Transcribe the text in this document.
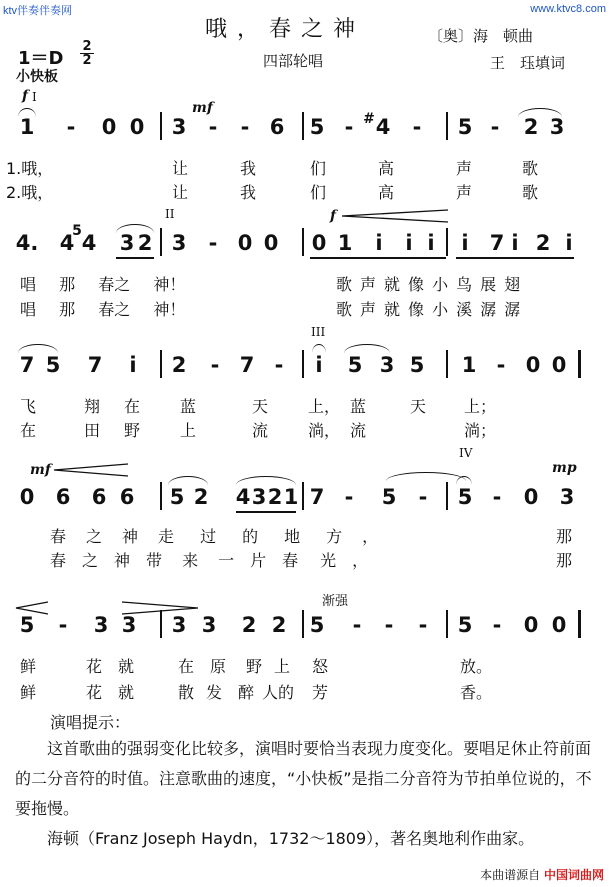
ktv伴奏伴奏网	www.ktvc8.com
哦，春之神	〔奥〕海　顿曲
四部轮唱	王　珏填词
1＝D
2
2
小快板
f I
mf
1	-	0 0 3	-	- 6 5 - # 4	-	5 -	2 3
1.哦，	让	我	们	高	声	歌
2.哦，	让	我	们	高	声	歌
II	f
4. 4
5 4 3 2 3	- 0 0 0 1	i	i i	i	7 i 2 i
唱 那 春之 神！	歌声就像小鸟展翅
唱 那 春之 神！	歌声就像小溪潺潺
III
7 5 7	i	2	- 7 -	i	5 3 5 1 - 0 0
飞	翔 在 蓝	天 上， 蓝	天 上；
在	田 野 上	流 淌， 流	淌；
IV
mf	mp
0 6 6 6 5 2 4 3 2 1 7 -	5	-	5 -	0 3
春之神走过的地方，	那
春之神带来一片春光，	那
渐强
5	-	3 3 3 3 2 2 5	-	-	-	5 -	0 0
鲜	花 就	在 原 野 上 怒	放。
鲜	花 就	散 发 醉 人的 芳	香。
演唱提示：
这首歌曲的强弱变化比较多，演唱时要恰当表现力度变化。要唱足休止符前面的二分音符的时值。注意歌曲的速度，“小快板”是指二分音符为节拍单位说的，不要拖慢。
海顿（Franz Joseph Haydn，1732～1809），著名奥地利作曲家。
本曲谱源自 中国词曲网
